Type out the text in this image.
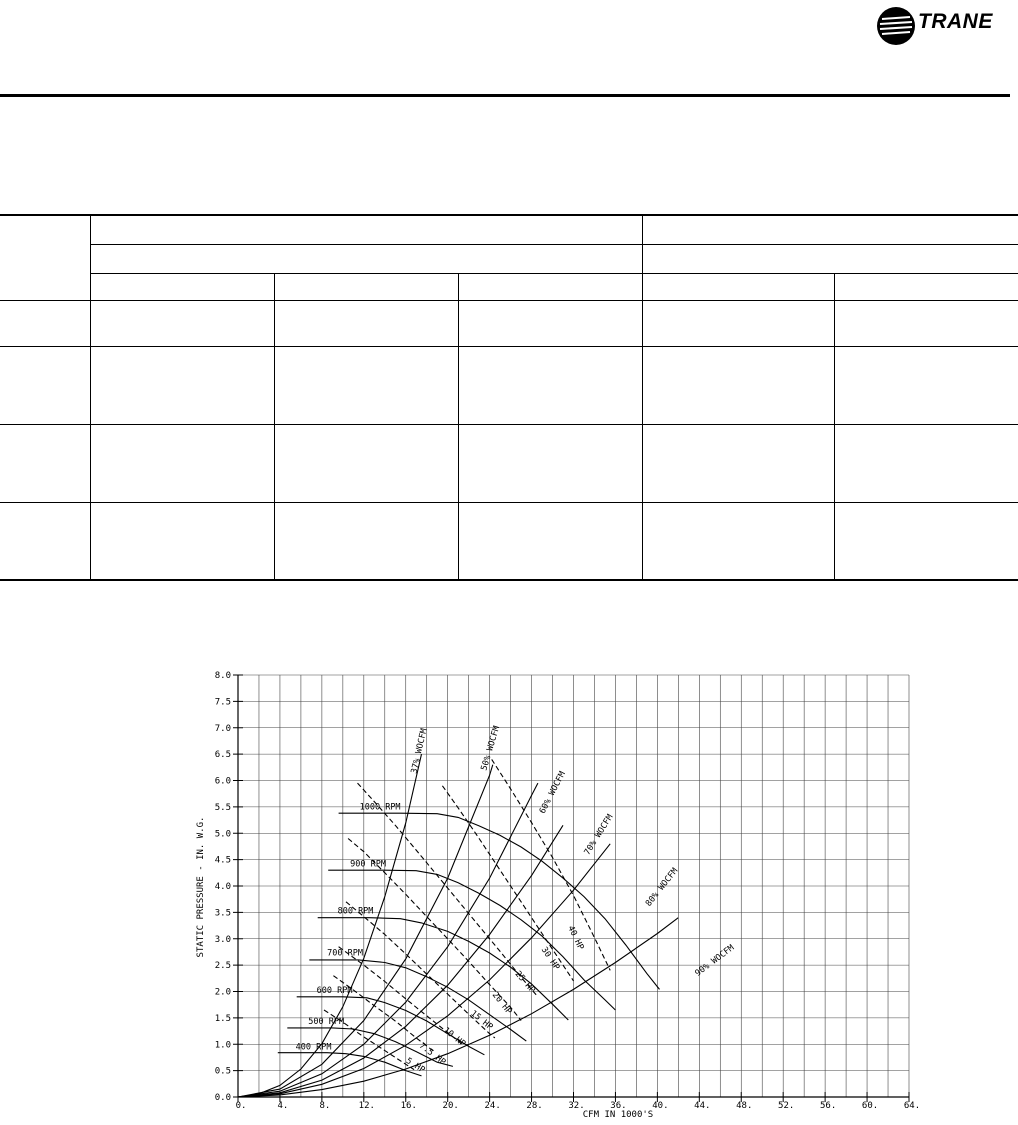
TRANE

0.0
0.5
1.0
1.5
2.0
2.5
3.0
3.5
4.0
4.5
5.0
5.5
6.0
6.5
7.0
7.5
8.0
0.	4.	8.	12.	16.	20.	24.	28.	32.	36.	40.	44.	48.	52.	56.	60.	64.
37% WOCFM	50% WOCFM
60% WOCFM
70% WOCFM
80% WOCFM
90% WOCFM
5 HP
7.5 HP
10 HP
15 HP
20 HP
25 HP
30 HP
40 HP
400 RPM
500 RPM
600 RPM
700 RPM
800 RPM
900 RPM
1000 RPM
CFM IN 1000'S
STATIC PRESSURE - IN. W.G.
